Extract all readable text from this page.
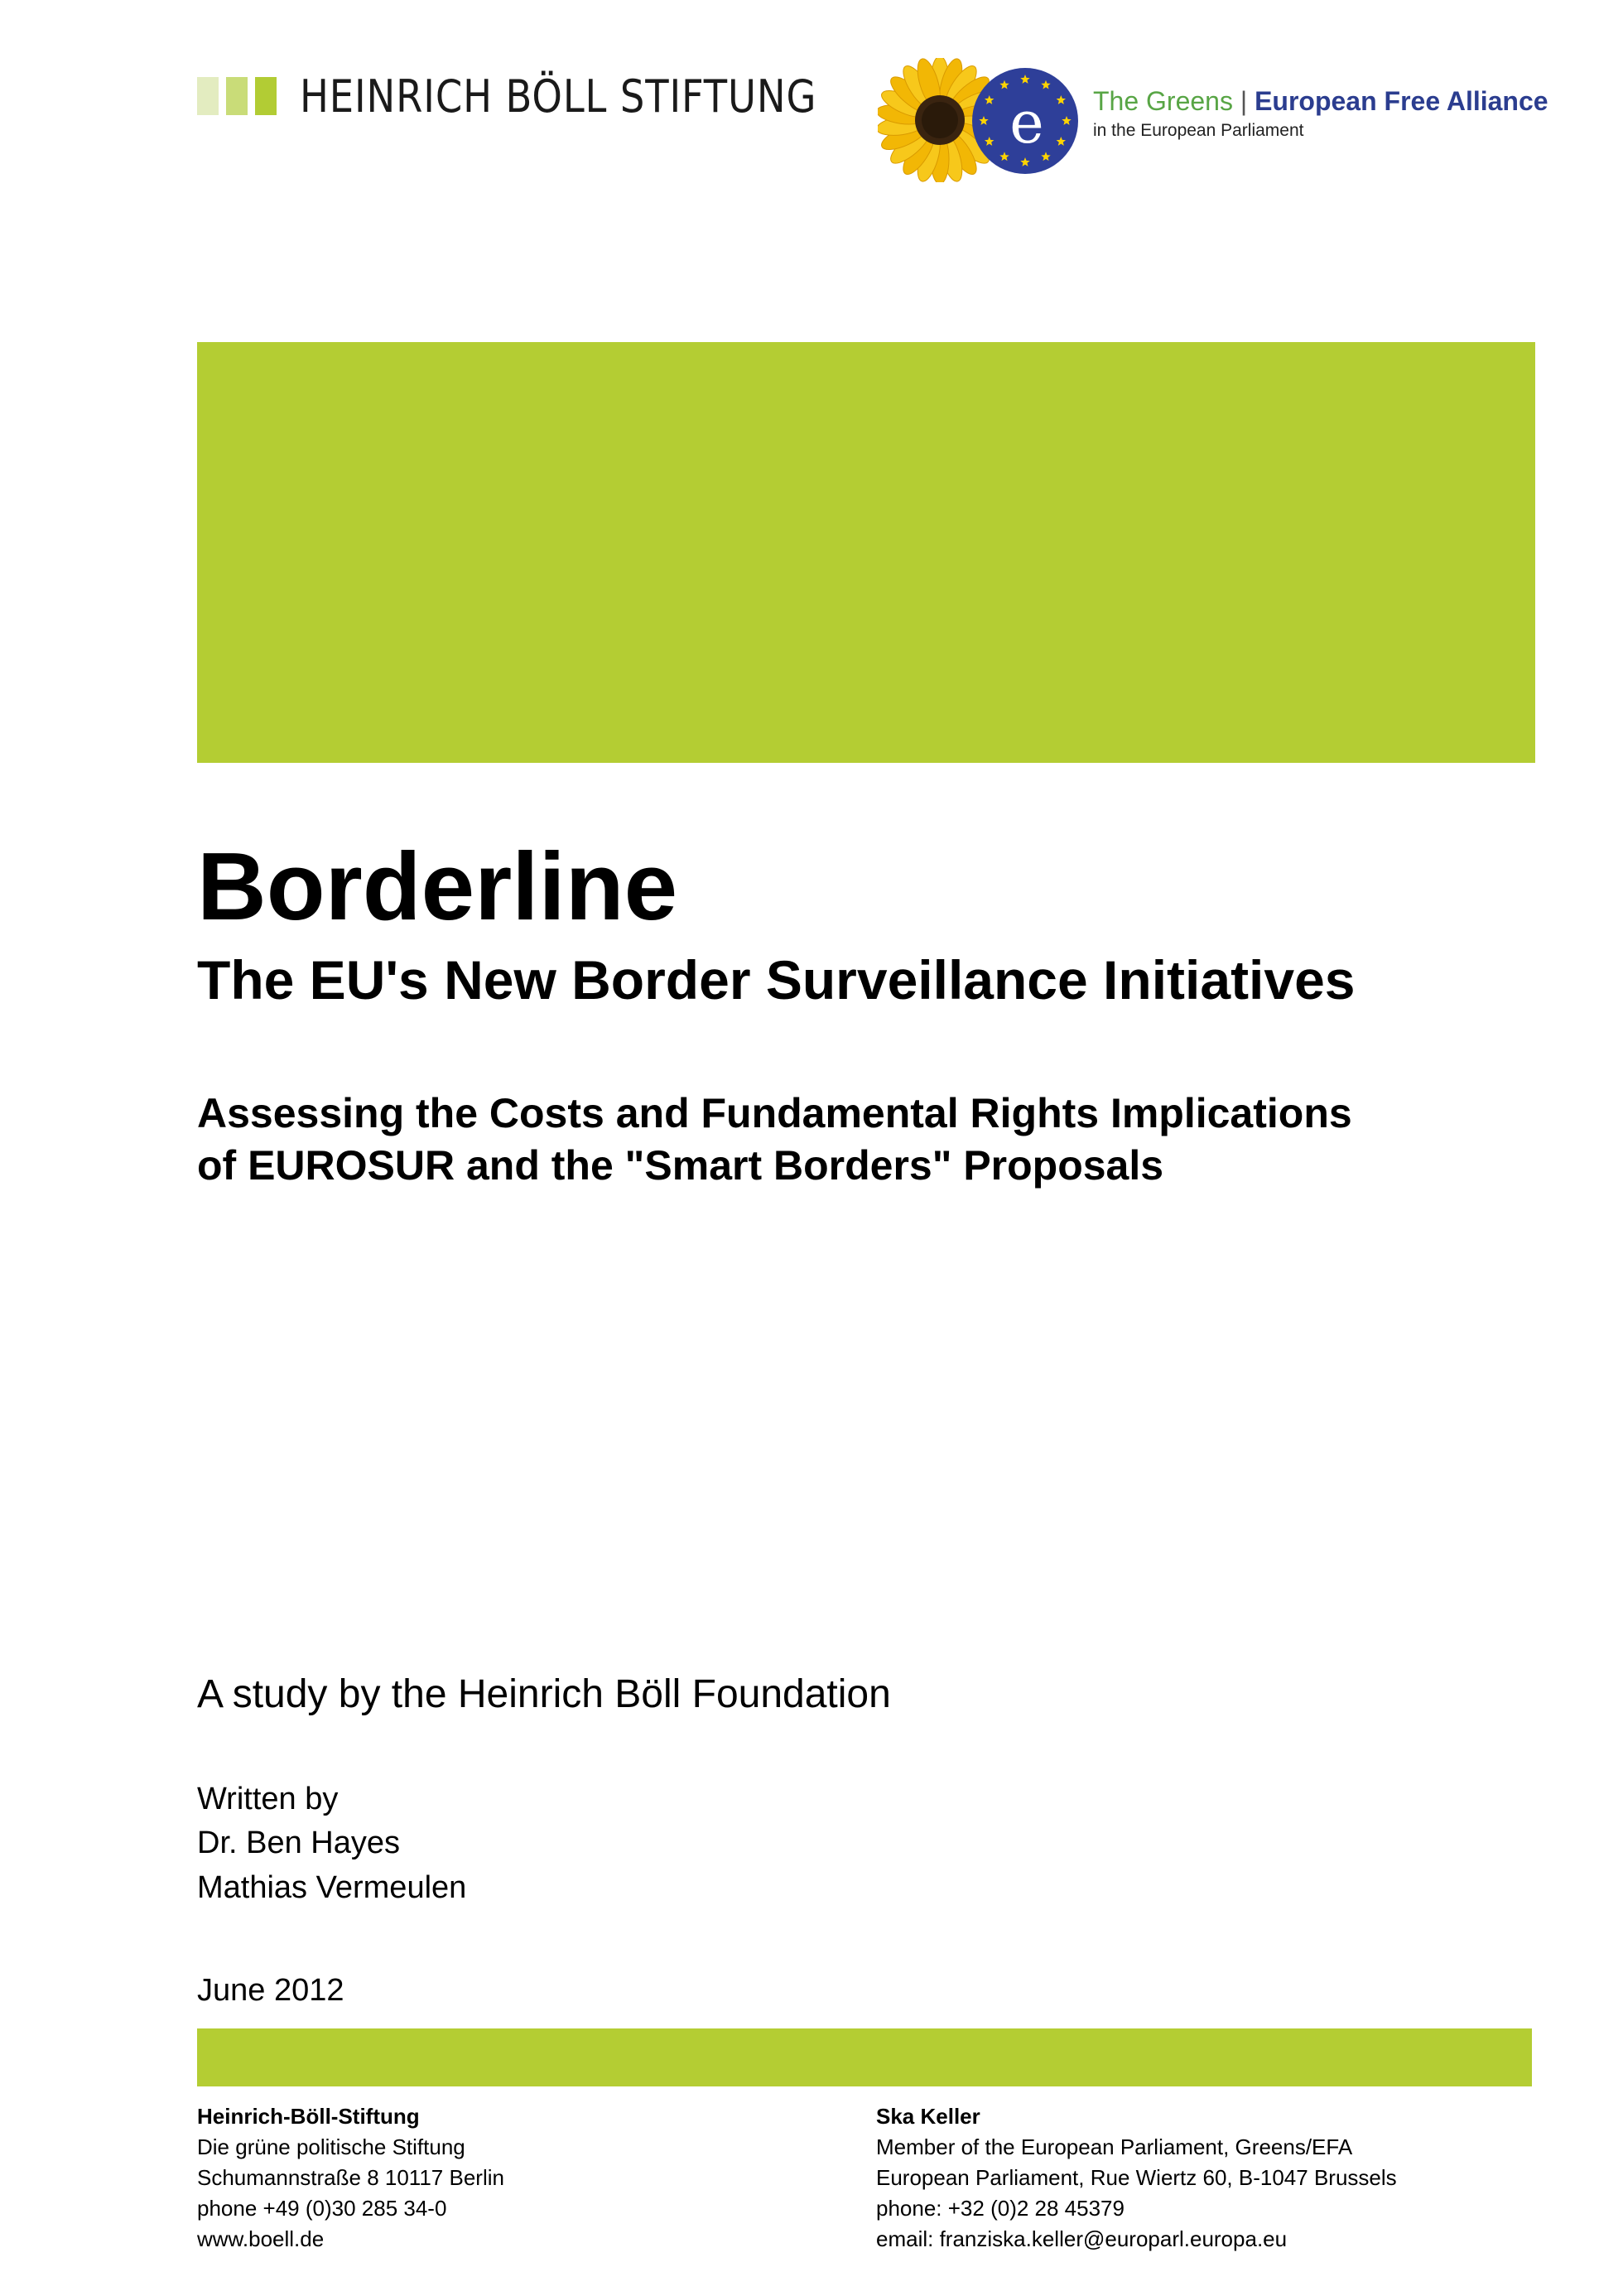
HEINRICH BÖLL STIFTUNG	e The Greens | European Free Alliance
in the European Parliament
Borderline
The EU's New Border Surveillance Initiatives
Assessing the Costs and Fundamental Rights Implications
of EUROSUR and the "Smart Borders" Proposals
A study by the Heinrich Böll Foundation
Written by
Dr. Ben Hayes
Mathias Vermeulen
June 2012
Heinrich-Böll-Stiftung
Die grüne politische Stiftung
Schumannstraße 8 10117 Berlin
phone +49 (0)30 285 34-0
www.boell.de
Ska Keller
Member of the European Parliament, Greens/EFA
European Parliament, Rue Wiertz 60, B-1047 Brussels
phone: +32 (0)2 28 45379
email: franziska.keller@europarl.europa.eu
